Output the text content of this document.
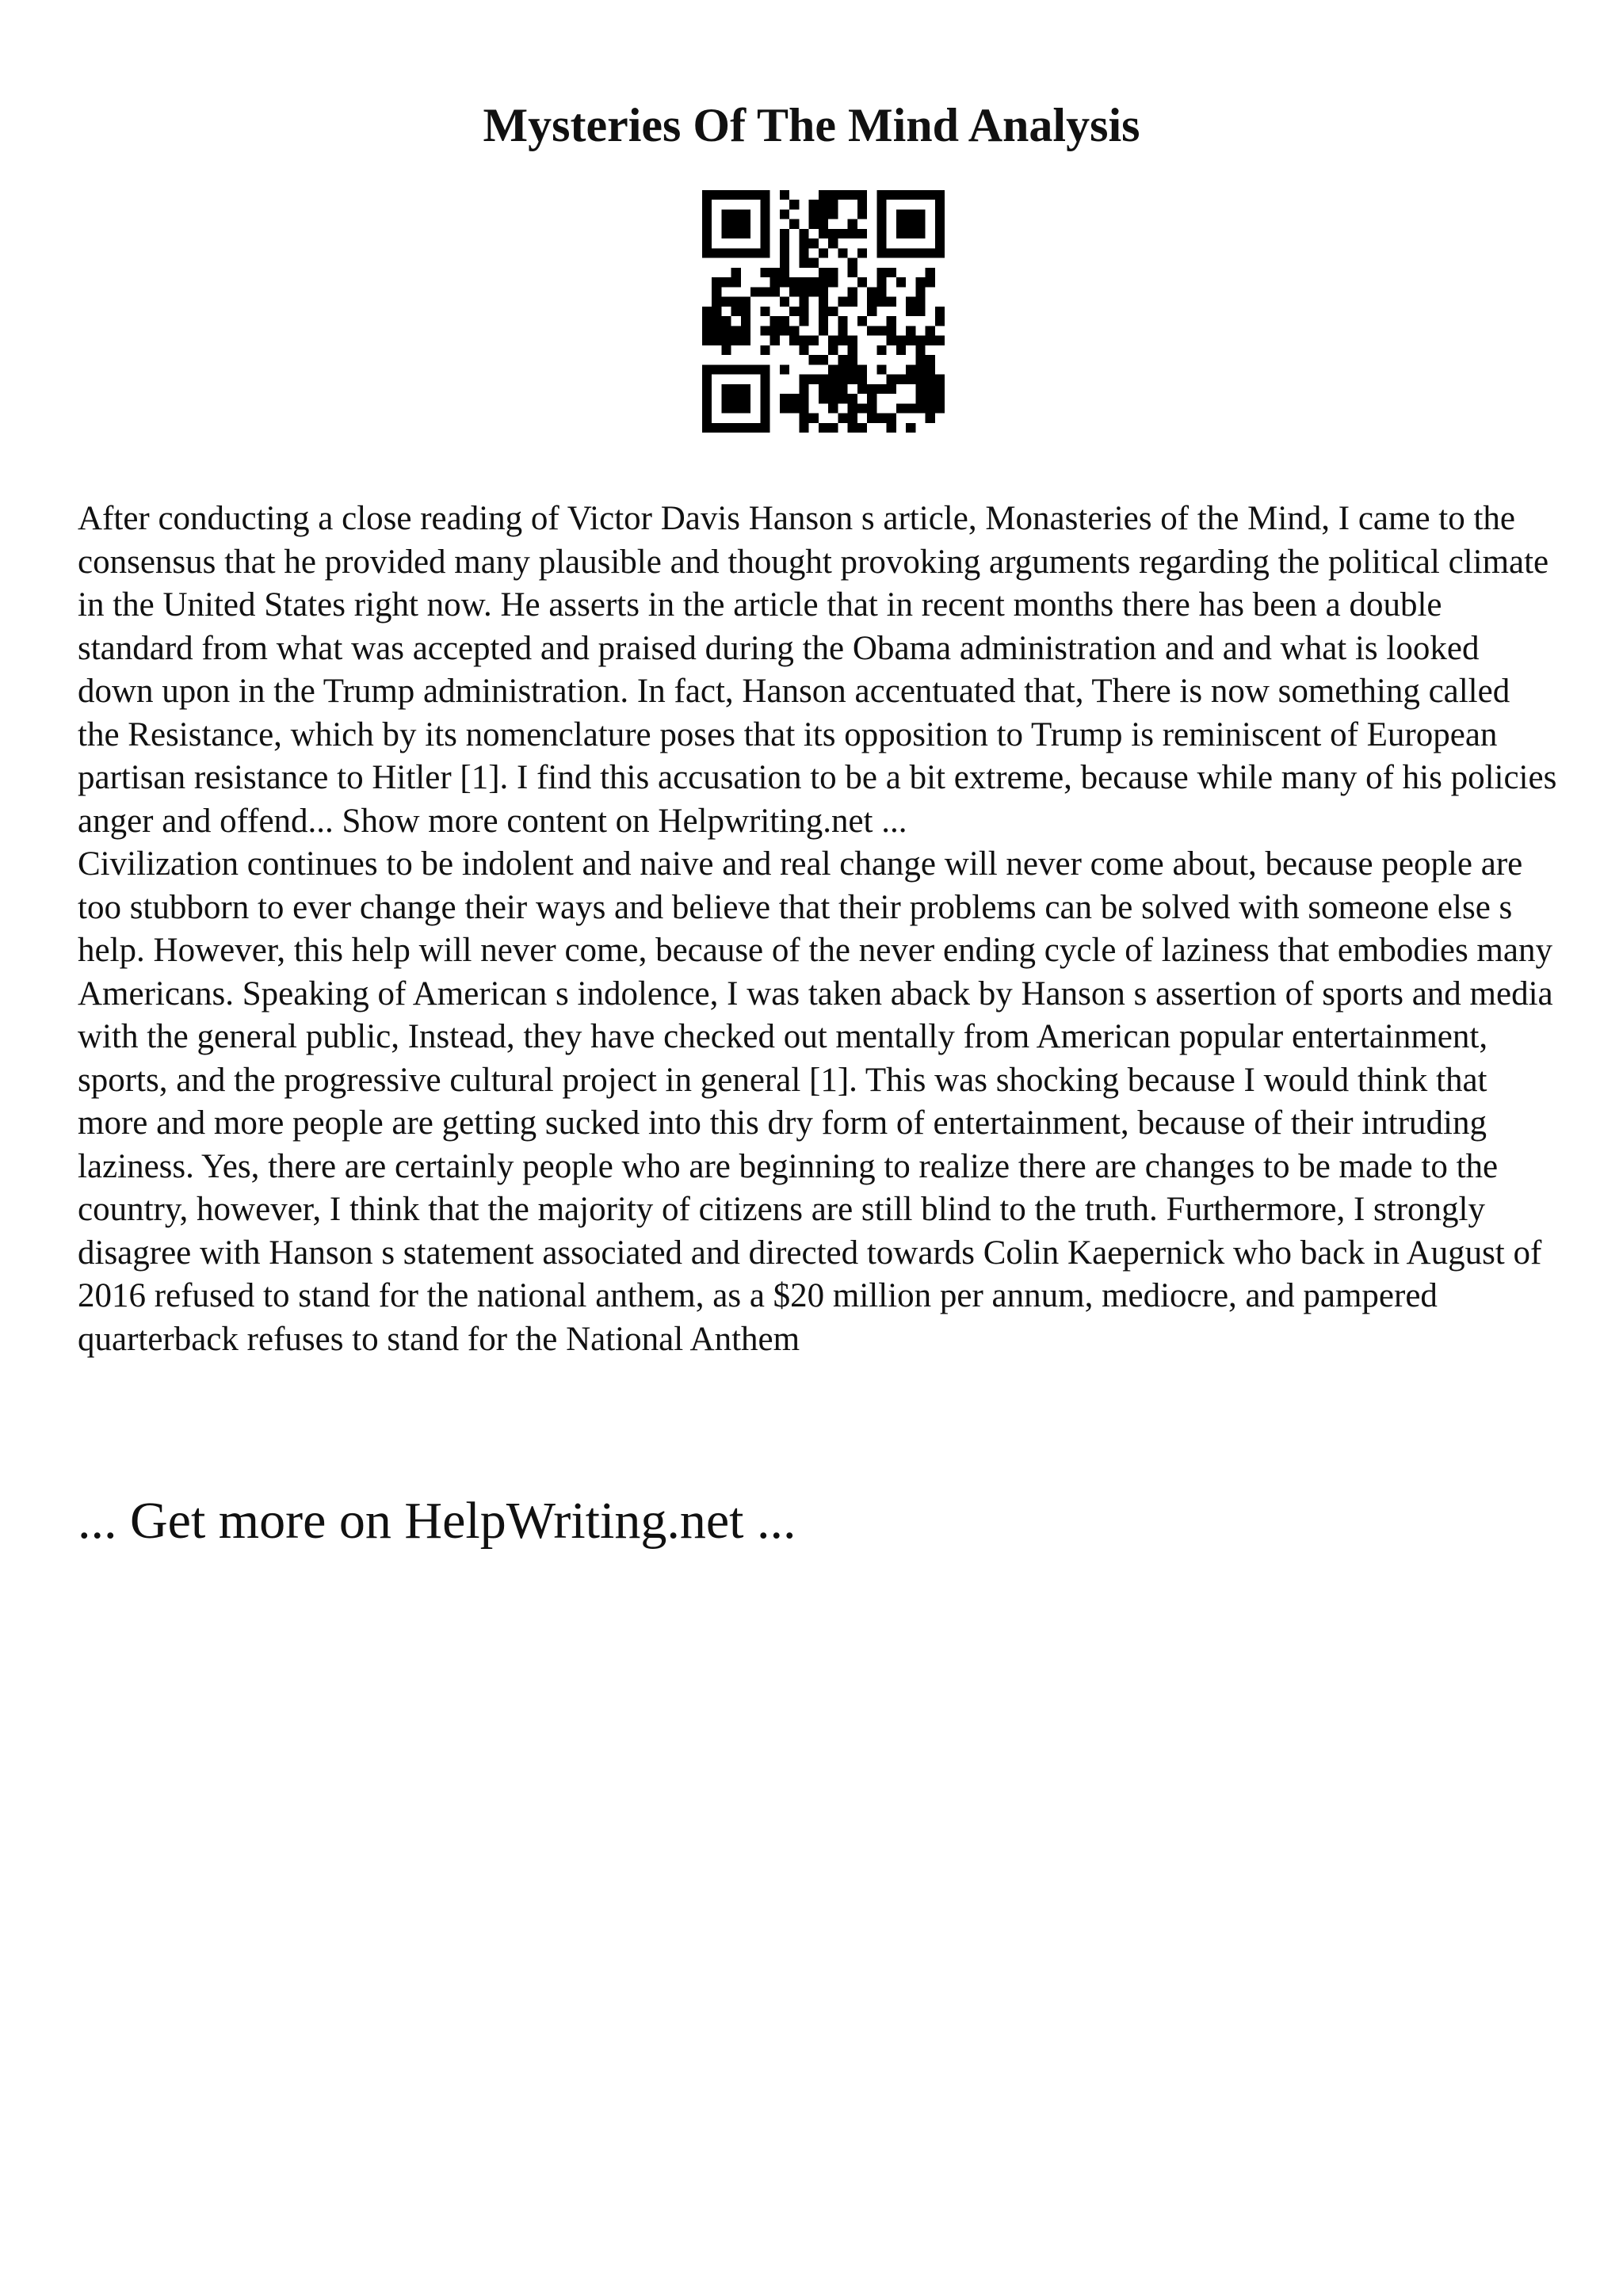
Mysteries Of The Mind Analysis

After conducting a close reading of Victor Davis Hanson s article, Monasteries of the Mind, I came to the consensus that he provided many plausible and thought provoking arguments regarding the political climate in the United States right now. He asserts in the article that in recent months there has been a double standard from what was accepted and praised during the Obama administration and and what is looked down upon in the Trump administration. In fact, Hanson accentuated that, There is now something called the Resistance, which by its nomenclature poses that its opposition to Trump is reminiscent of European partisan resistance to Hitler [1]. I find this accusation to be a bit extreme, because while many of his policies anger and offend... Show more content on Helpwriting.net ...

Civilization continues to be indolent and naive and real change will never come about, because people are too stubborn to ever change their ways and believe that their problems can be solved with someone else s help. However, this help will never come, because of the never ending cycle of laziness that embodies many Americans. Speaking of American s indolence, I was taken aback by Hanson s assertion of sports and media with the general public, Instead, they have checked out mentally from American popular entertainment, sports, and the progressive cultural project in general [1]. This was shocking because I would think that more and more people are getting sucked into this dry form of entertainment, because of their intruding laziness. Yes, there are certainly people who are beginning to realize there are changes to be made to the country, however, I think that the majority of citizens are still blind to the truth. Furthermore, I strongly disagree with Hanson s statement associated and directed towards Colin Kaepernick who back in August of 2016 refused to stand for the national anthem, as a $20 million per annum, mediocre, and pampered quarterback refuses to stand for the National Anthem

... Get more on HelpWriting.net ...
